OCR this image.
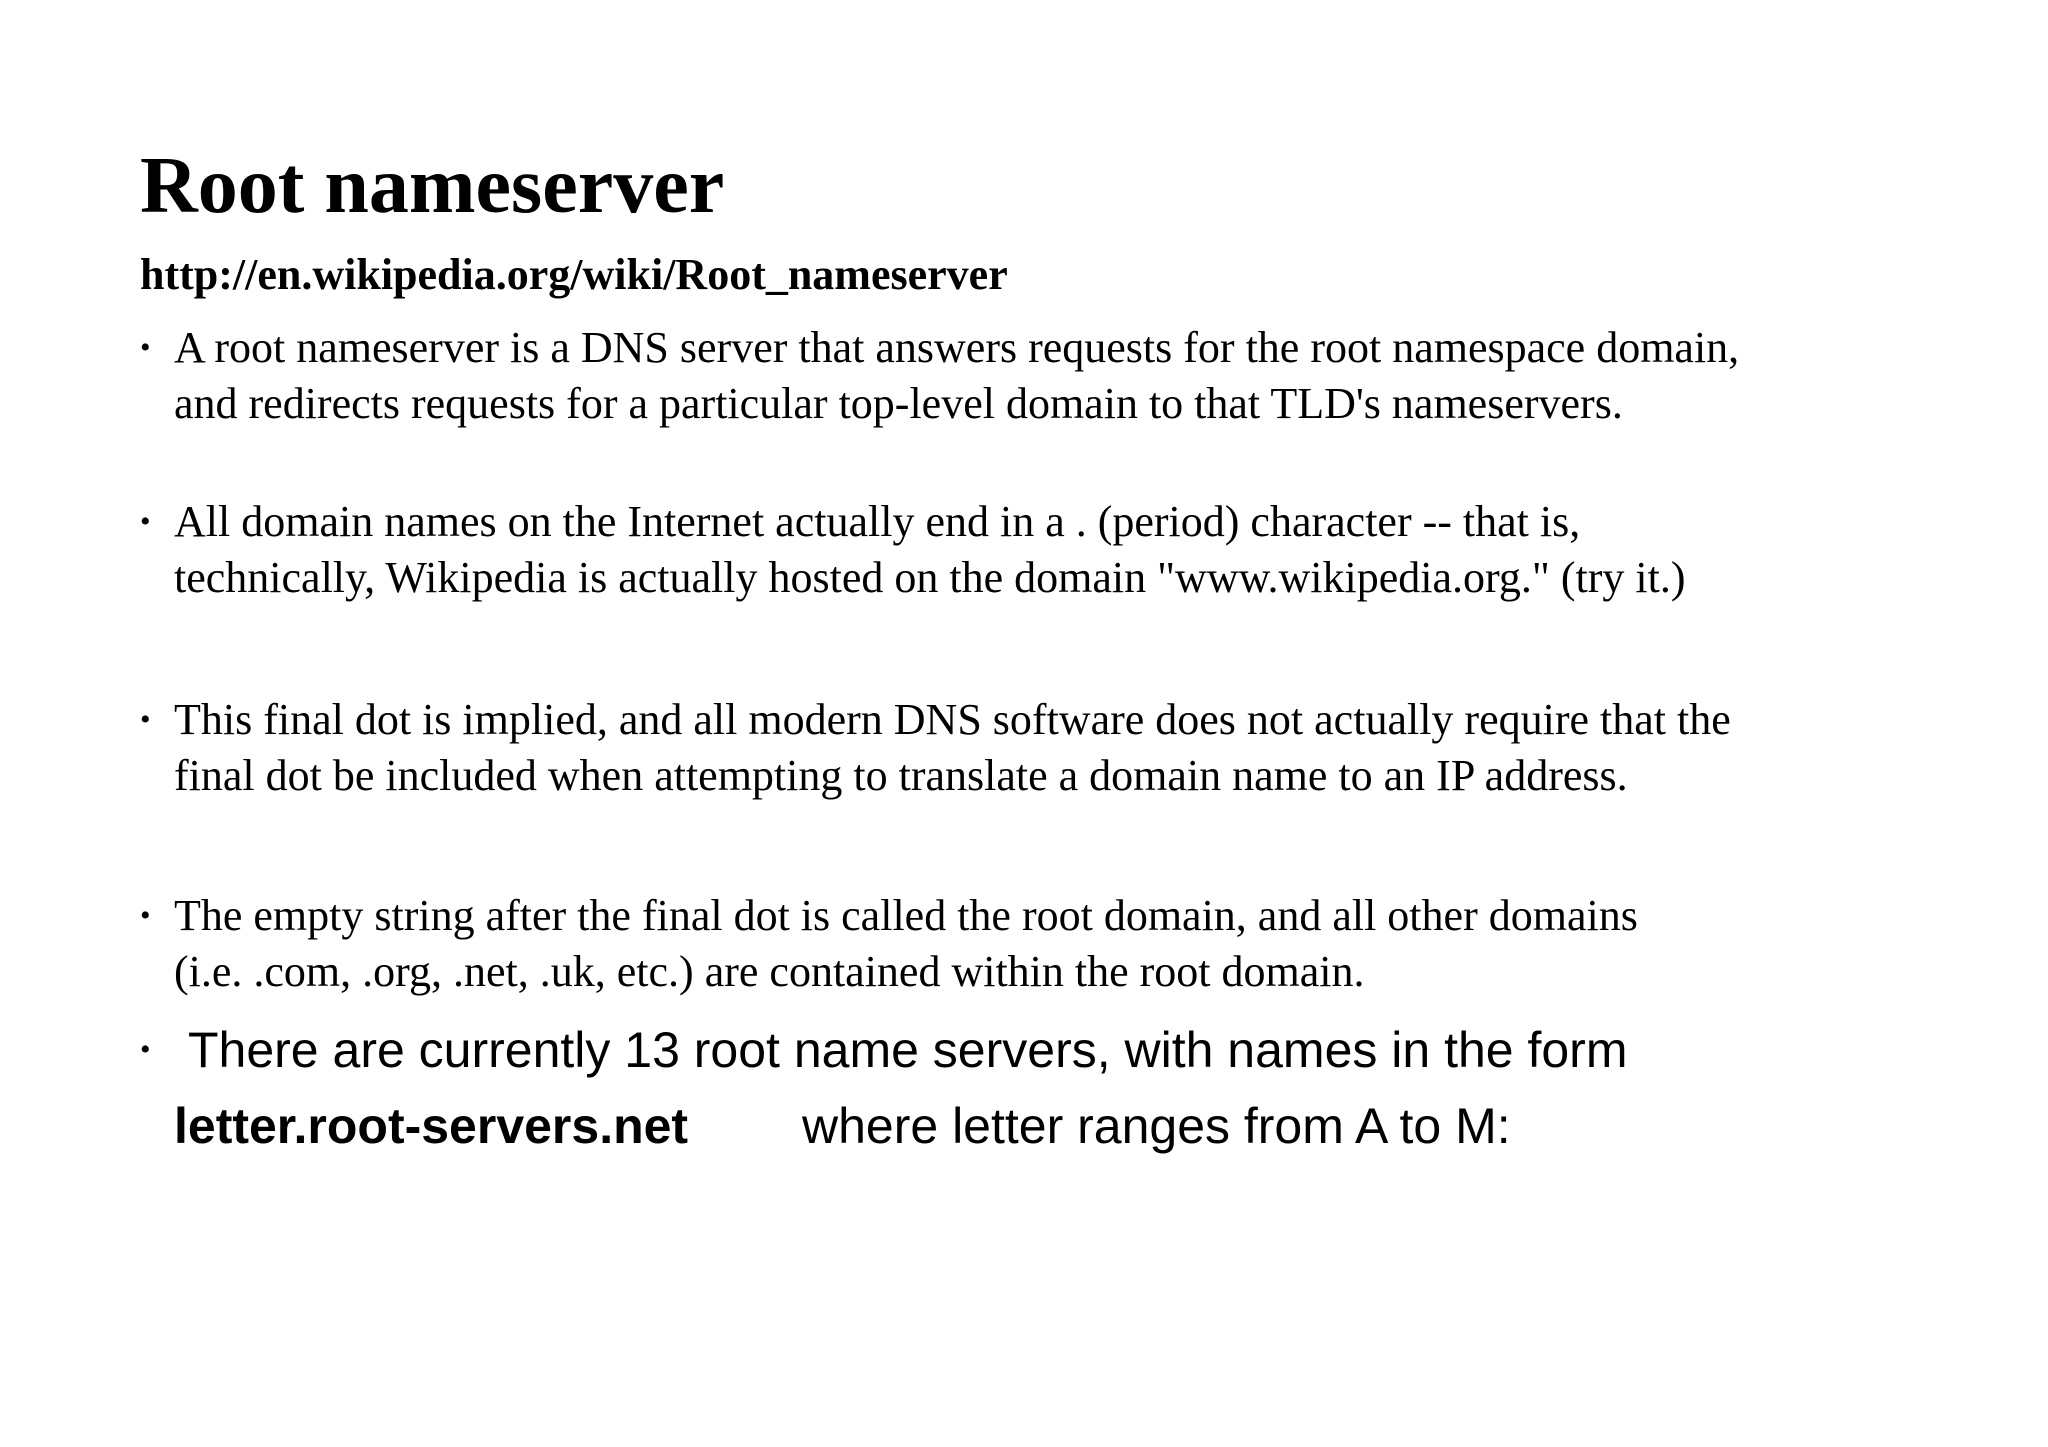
Root nameserver
http://en.wikipedia.org/wiki/Root_nameserver
• A root nameserver is a DNS server that answers requests for the root namespace domain,
and redirects requests for a particular top-level domain to that TLD's nameservers.
• All domain names on the Internet actually end in a . (period) character -- that is,
technically, Wikipedia is actually hosted on the domain "www.wikipedia.org." (try it.)
• This final dot is implied, and all modern DNS software does not actually require that the
final dot be included when attempting to translate a domain name to an IP address.
• The empty string after the final dot is called the root domain, and all other domains
(i.e. .com, .org, .net, .uk, etc.) are contained within the root domain.
• There are currently 13 root name servers, with names in the form
letter.root-servers.net where letter ranges from A to M:
